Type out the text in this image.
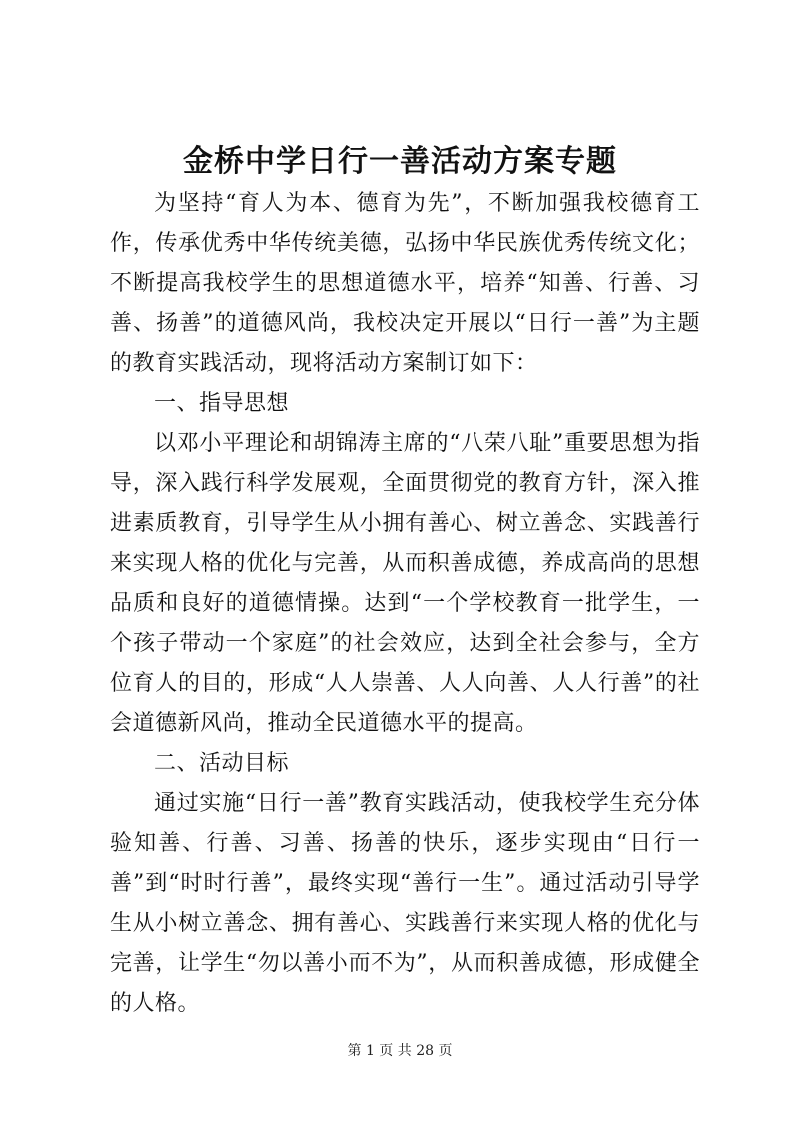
金桥中学日行一善活动方案专题

为坚持“育人为本、德育为先”，不断加强我校德育工作，传承优秀中华传统美德，弘扬中华民族优秀传统文化；不断提高我校学生的思想道德水平，培养“知善、行善、习善、扬善”的道德风尚，我校决定开展以“日行一善”为主题的教育实践活动，现将活动方案制订如下：

一、指导思想

以邓小平理论和胡锦涛主席的“八荣八耻”重要思想为指导，深入践行科学发展观，全面贯彻党的教育方针，深入推进素质教育，引导学生从小拥有善心、树立善念、实践善行来实现人格的优化与完善，从而积善成德，养成高尚的思想品质和良好的道德情操。达到“一个学校教育一批学生，一个孩子带动一个家庭”的社会效应，达到全社会参与，全方位育人的目的，形成“人人崇善、人人向善、人人行善”的社会道德新风尚，推动全民道德水平的提高。

二、活动目标

通过实施“日行一善”教育实践活动，使我校学生充分体验知善、行善、习善、扬善的快乐，逐步实现由“日行一善”到“时时行善”，最终实现“善行一生”。通过活动引导学生从小树立善念、拥有善心、实践善行来实现人格的优化与完善，让学生“勿以善小而不为”，从而积善成德，形成健全的人格。

第 1 页 共 28 页
